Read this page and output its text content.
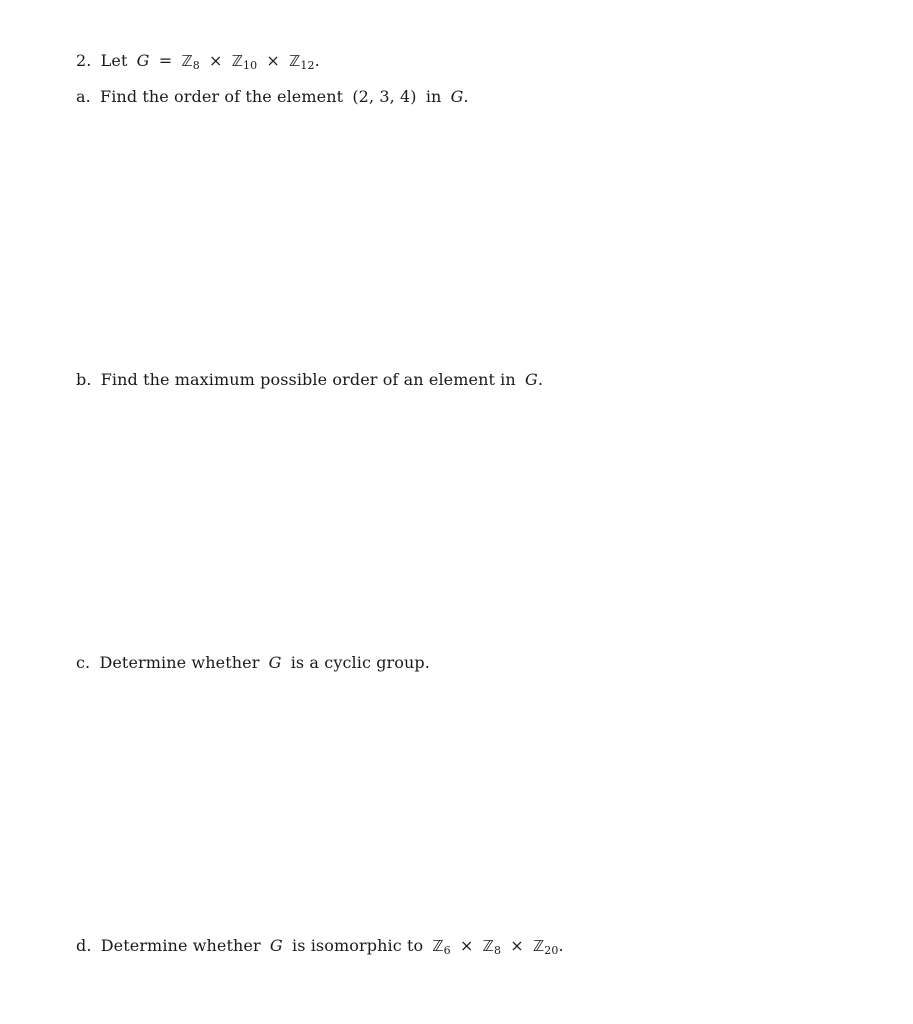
2. Let G = ℤ$_8$ × ℤ$_{10}$ × ℤ$_{12}$.
a. Find the order of the element (2, 3, 4) in G.
b. Find the maximum possible order of an element in G.
c. Determine whether G is a cyclic group.
d. Determine whether G is isomorphic to ℤ$_6$ × ℤ$_8$ × ℤ$_{20}$.
